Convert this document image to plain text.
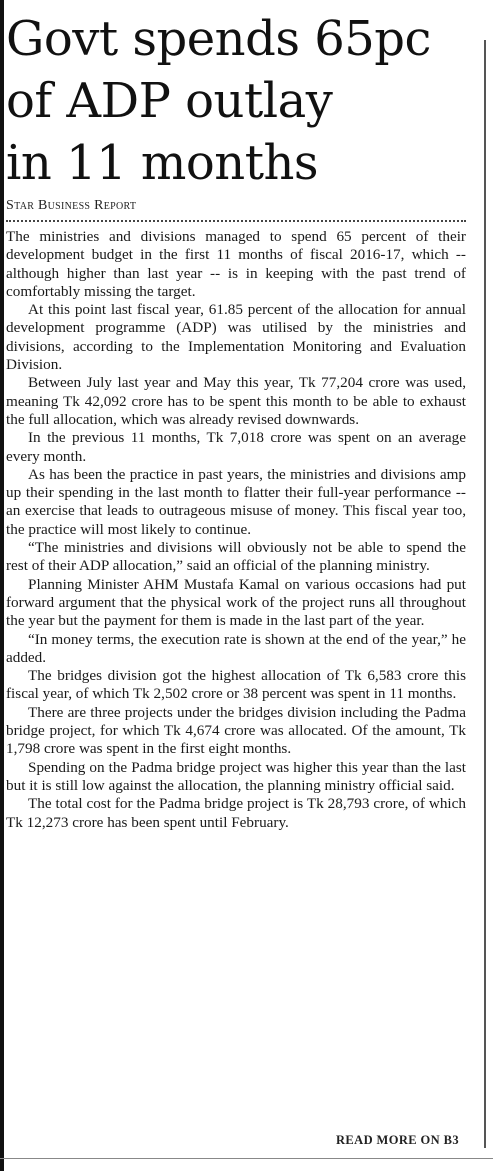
Govt spends 65pc
of ADP outlay
in 11 months
Star Business Report

The ministries and divisions managed to spend 65 percent of their development budget in the first 11 months of fiscal 2016-17, which -- although higher than last year -- is in keeping with the past trend of comfortably missing the target.

At this point last fiscal year, 61.85 percent of the allocation for annual development programme (ADP) was utilised by the ministries and divisions, according to the Implementation Monitoring and Evaluation Division.

Between July last year and May this year, Tk 77,204 crore was used, meaning Tk 42,092 crore has to be spent this month to be able to exhaust the full allocation, which was already revised downwards.

In the previous 11 months, Tk 7,018 crore was spent on an average every month.

As has been the practice in past years, the ministries and divisions amp up their spending in the last month to flatter their full-year performance -- an exercise that leads to outrageous misuse of money. This fiscal year too, the practice will most likely to continue.

“The ministries and divisions will obviously not be able to spend the rest of their ADP allocation,” said an official of the planning ministry.

Planning Minister AHM Mustafa Kamal on various occasions had put forward argument that the physical work of the project runs all throughout the year but the payment for them is made in the last part of the year.

“In money terms, the execution rate is shown at the end of the year,” he added.

The bridges division got the highest allocation of Tk 6,583 crore this fiscal year, of which Tk 2,502 crore or 38 percent was spent in 11 months.

There are three projects under the bridges division including the Padma bridge project, for which Tk 4,674 crore was allocated. Of the amount, Tk 1,798 crore was spent in the first eight months.

Spending on the Padma bridge project was higher this year than the last but it is still low against the allocation, the planning ministry official said.

The total cost for the Padma bridge project is Tk 28,793 crore, of which Tk 12,273 crore has been spent until February.

READ MORE ON B3
